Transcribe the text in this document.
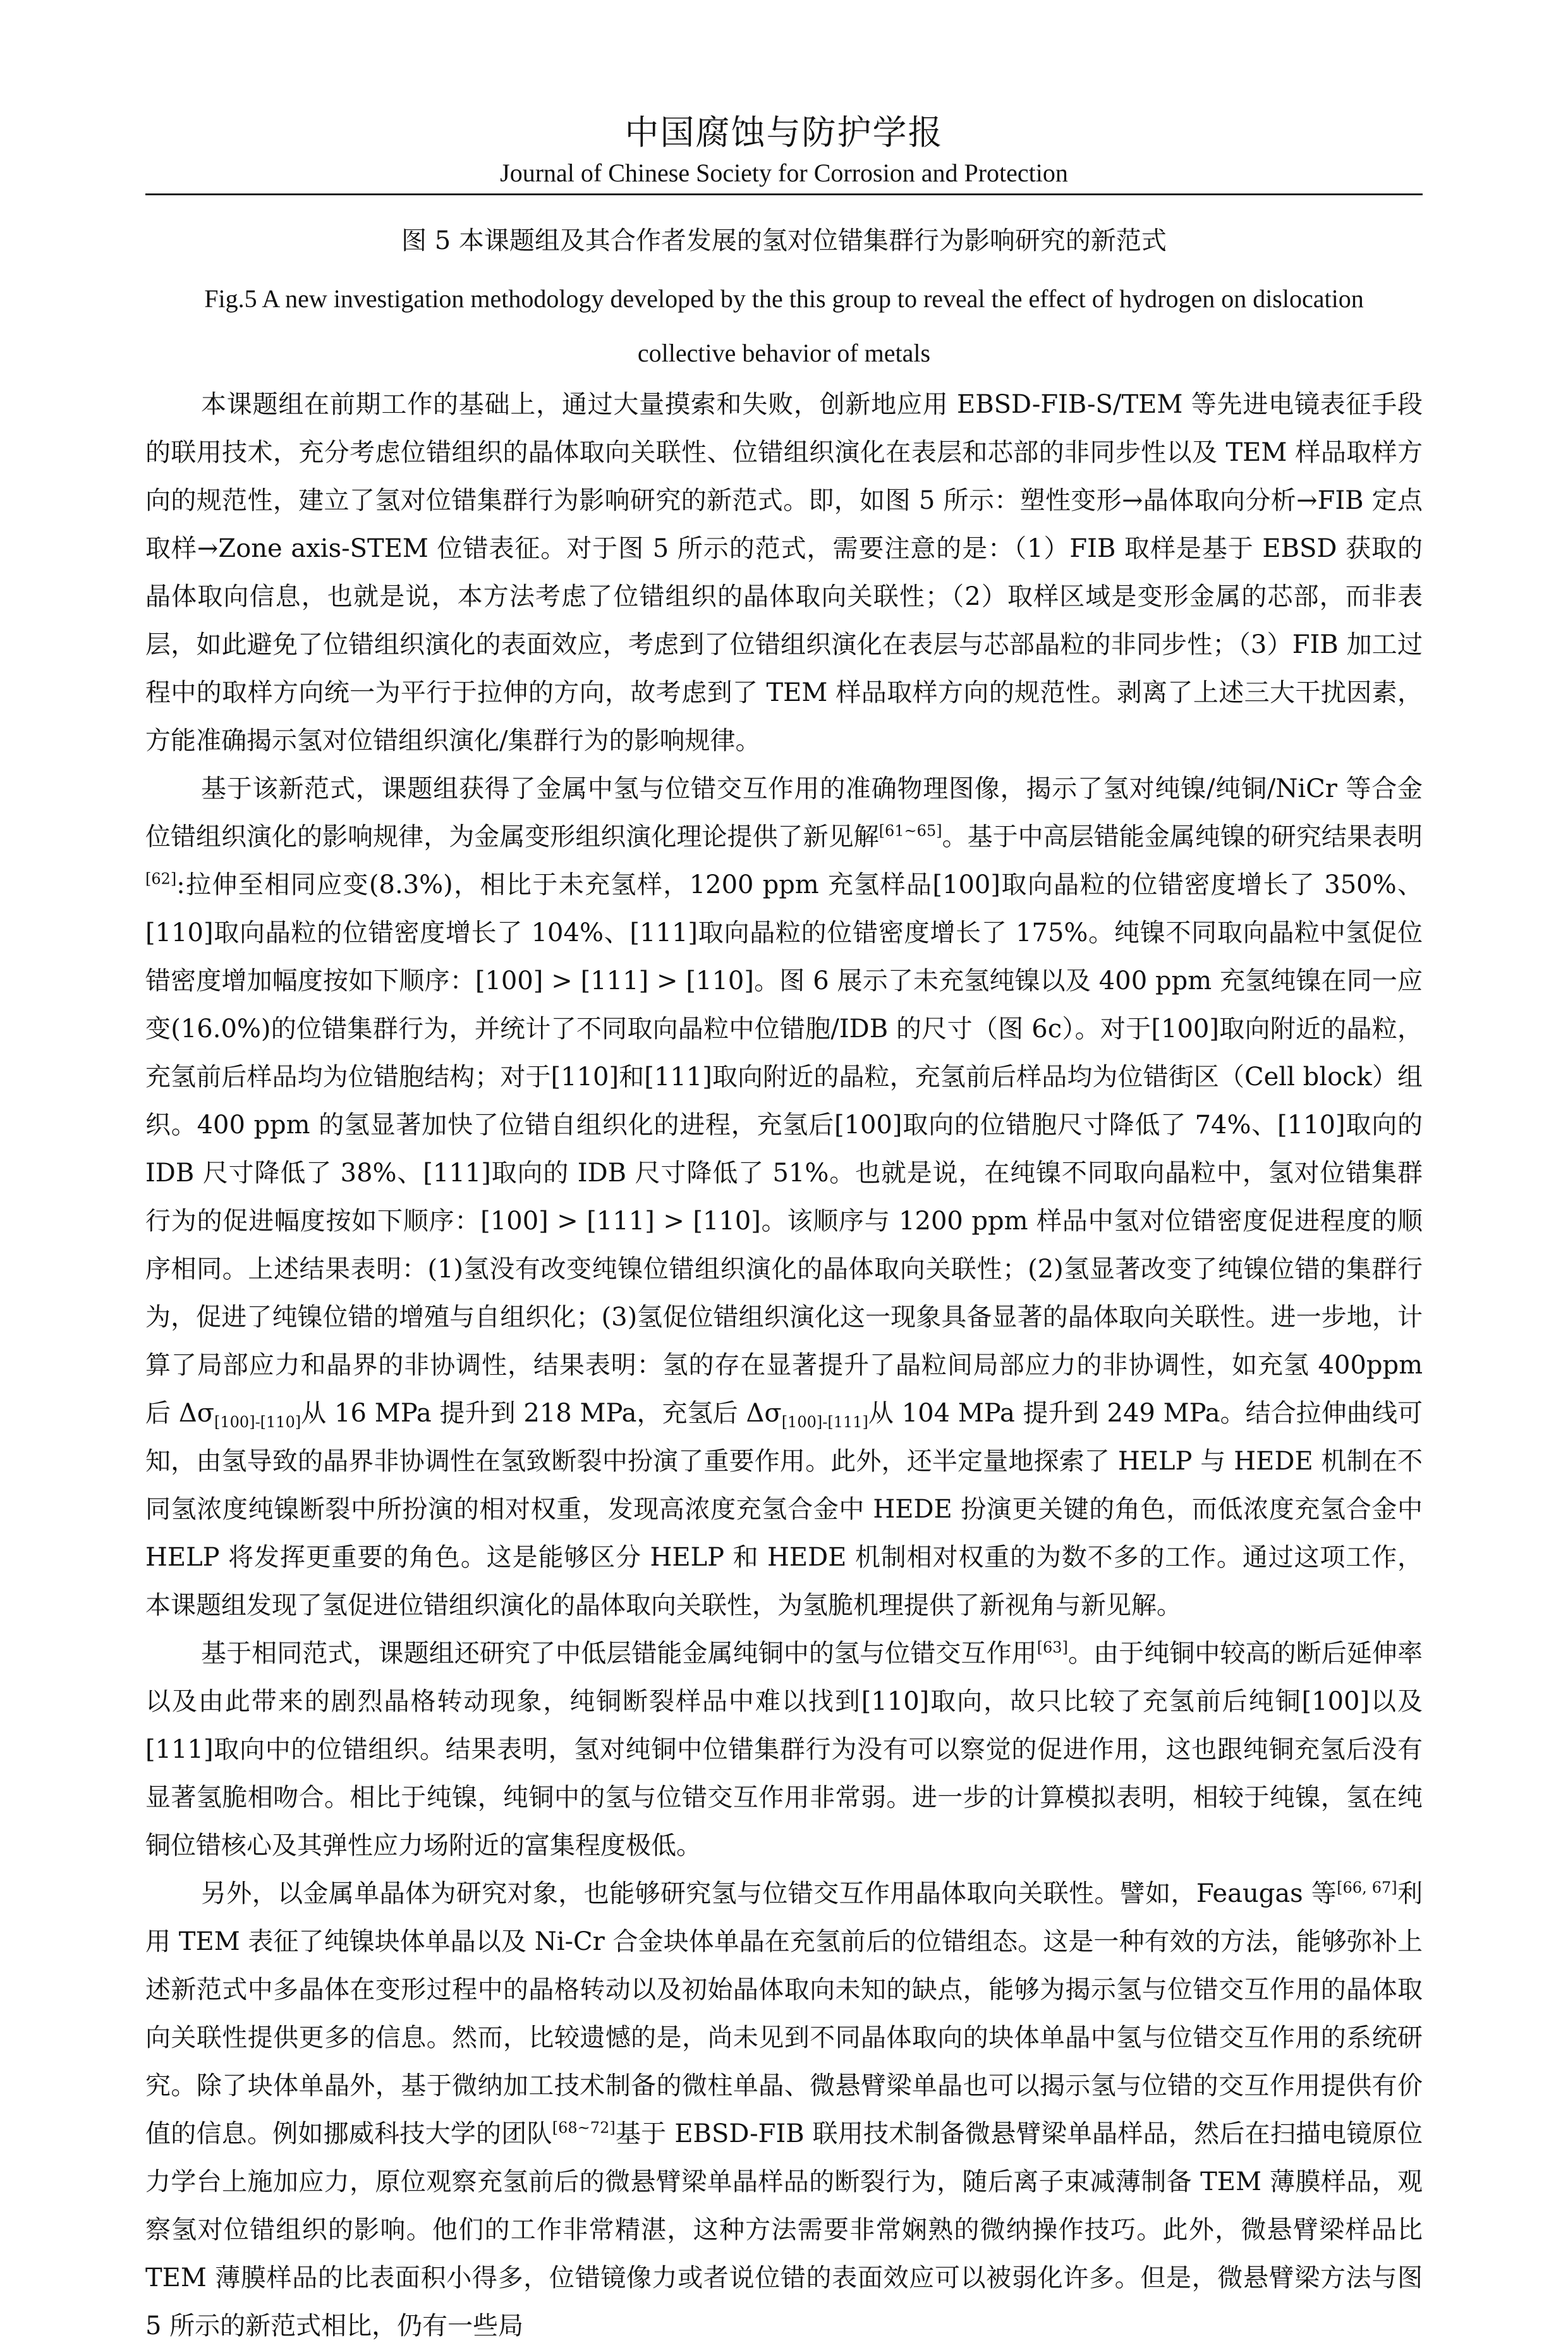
中国腐蚀与防护学报
Journal of Chinese Society for Corrosion and Protection
图 5 本课题组及其合作者发展的氢对位错集群行为影响研究的新范式
Fig.5 A new investigation methodology developed by the this group to reveal the effect of hydrogen on dislocation
collective behavior of metals

本课题组在前期工作的基础上，通过大量摸索和失败，创新地应用 EBSD-FIB-S/TEM 等先进电镜表征手段的联用技术，充分考虑位错组织的晶体取向关联性、位错组织演化在表层和芯部的非同步性以及 TEM 样品取样方向的规范性，建立了氢对位错集群行为影响研究的新范式。即，如图 5 所示：塑性变形→晶体取向分析→FIB 定点取样→Zone axis-STEM 位错表征。对于图 5 所示的范式，需要注意的是：（1）FIB 取样是基于 EBSD 获取的晶体取向信息，也就是说，本方法考虑了位错组织的晶体取向关联性；（2）取样区域是变形金属的芯部，而非表层，如此避免了位错组织演化的表面效应，考虑到了位错组织演化在表层与芯部晶粒的非同步性；（3）FIB 加工过程中的取样方向统一为平行于拉伸的方向，故考虑到了 TEM 样品取样方向的规范性。剥离了上述三大干扰因素，方能准确揭示氢对位错组织演化/集群行为的影响规律。

基于该新范式，课题组获得了金属中氢与位错交互作用的准确物理图像，揭示了氢对纯镍/纯铜/NiCr 等合金位错组织演化的影响规律，为金属变形组织演化理论提供了新见解[61~65]。基于中高层错能金属纯镍的研究结果表明[62]:拉伸至相同应变(8.3%)，相比于未充氢样，1200 ppm 充氢样品[100]取向晶粒的位错密度增长了 350%、[110]取向晶粒的位错密度增长了 104%、[111]取向晶粒的位错密度增长了 175%。纯镍不同取向晶粒中氢促位错密度增加幅度按如下顺序：[100] > [111] > [110]。图 6 展示了未充氢纯镍以及 400 ppm 充氢纯镍在同一应变(16.0%)的位错集群行为，并统计了不同取向晶粒中位错胞/IDB 的尺寸（图 6c）。对于[100]取向附近的晶粒，充氢前后样品均为位错胞结构；对于[110]和[111]取向附近的晶粒，充氢前后样品均为位错街区（Cell block）组织。400 ppm 的氢显著加快了位错自组织化的进程，充氢后[100]取向的位错胞尺寸降低了 74%、[110]取向的 IDB 尺寸降低了 38%、[111]取向的 IDB 尺寸降低了 51%。也就是说，在纯镍不同取向晶粒中，氢对位错集群行为的促进幅度按如下顺序：[100] > [111] > [110]。该顺序与 1200 ppm 样品中氢对位错密度促进程度的顺序相同。上述结果表明：(1)氢没有改变纯镍位错组织演化的晶体取向关联性；(2)氢显著改变了纯镍位错的集群行为，促进了纯镍位错的增殖与自组织化；(3)氢促位错组织演化这一现象具备显著的晶体取向关联性。进一步地，计算了局部应力和晶界的非协调性，结果表明：氢的存在显著提升了晶粒间局部应力的非协调性，如充氢 400ppm 后 $\Delta\sigma_{[100]-[110]}$从 16 MPa 提升到 218 MPa，充氢后 $\Delta\sigma_{[100]-[111]}$从 104 MPa 提升到 249 MPa。结合拉伸曲线可知，由氢导致的晶界非协调性在氢致断裂中扮演了重要作用。此外，还半定量地探索了 HELP 与 HEDE 机制在不同氢浓度纯镍断裂中所扮演的相对权重，发现高浓度充氢合金中 HEDE 扮演更关键的角色，而低浓度充氢合金中 HELP 将发挥更重要的角色。这是能够区分 HELP 和 HEDE 机制相对权重的为数不多的工作。通过这项工作，本课题组发现了氢促进位错组织演化的晶体取向关联性，为氢脆机理提供了新视角与新见解。

基于相同范式，课题组还研究了中低层错能金属纯铜中的氢与位错交互作用[63]。由于纯铜中较高的断后延伸率以及由此带来的剧烈晶格转动现象，纯铜断裂样品中难以找到[110]取向，故只比较了充氢前后纯铜[100]以及[111]取向中的位错组织。结果表明，氢对纯铜中位错集群行为没有可以察觉的促进作用，这也跟纯铜充氢后没有显著氢脆相吻合。相比于纯镍，纯铜中的氢与位错交互作用非常弱。进一步的计算模拟表明，相较于纯镍，氢在纯铜位错核心及其弹性应力场附近的富集程度极低。

另外，以金属单晶体为研究对象，也能够研究氢与位错交互作用晶体取向关联性。譬如，Feaugas 等[66, 67]利用 TEM 表征了纯镍块体单晶以及 Ni-Cr 合金块体单晶在充氢前后的位错组态。这是一种有效的方法，能够弥补上述新范式中多晶体在变形过程中的晶格转动以及初始晶体取向未知的缺点，能够为揭示氢与位错交互作用的晶体取向关联性提供更多的信息。然而，比较遗憾的是，尚未见到不同晶体取向的块体单晶中氢与位错交互作用的系统研究。除了块体单晶外，基于微纳加工技术制备的微柱单晶、微悬臂梁单晶也可以揭示氢与位错的交互作用提供有价值的信息。例如挪威科技大学的团队[68~72]基于 EBSD-FIB 联用技术制备微悬臂梁单晶样品，然后在扫描电镜原位力学台上施加应力，原位观察充氢前后的微悬臂梁单晶样品的断裂行为，随后离子束减薄制备 TEM 薄膜样品，观察氢对位错组织的影响。他们的工作非常精湛，这种方法需要非常娴熟的微纳操作技巧。此外，微悬臂梁样品比 TEM 薄膜样品的比表面积小得多，位错镜像力或者说位错的表面效应可以被弱化许多。但是，微悬臂梁方法与图 5 所示的新范式相比，仍有一些局
